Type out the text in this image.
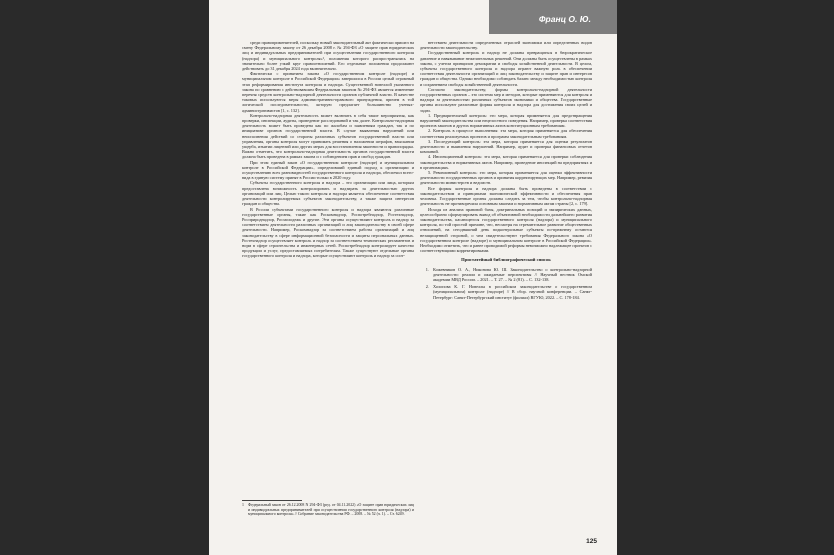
Франц О. Ю.

среди правоприменителей, поскольку новый законодательный акт фактически пришел на смену Федеральному закону от 26 декабря 2008 г. № 294-ФЗ «О защите прав юридических лиц и индивидуальных предпринимателей при осуществлении государственного контроля (надзора) и муниципального контроля»¹, положения которого распространялись на значительно более узкий круг правоотношений. Его отдельные положения продолжают действовать до 31 декабря 2024 года включительно.

Фактически с принятием закона «О государственном контроле (надзоре) и муниципальном контроле в Российской Федерации» завершился в России целый огромный этап реформирования института контроля и надзора. Существенной новеллой указанного закона по сравнению с действовавшим Федеральным законом № 294-ФЗ является изменение перечня средств контрольно-надзорной деятельности органов публичной власти. В качестве таковых используются меры административно-правового принуждения, причем в той логической последовательности, которую предлагает большинство ученых-административистов [1, с. 132].

Контрольно-надзорная деятельность может включать в себя такие мероприятия, как проверки, инспекции, аудиты, проведение расследований и так далее. Контрольно-надзорная деятельность может быть проведена как по жалобам и заявлениям граждан, так и по инициативе органов государственной власти. В случае выявления нарушений или неисполнения действий со стороны различных субъектов государственной власти или управления, органы контроля могут принимать решения о наложении штрафов, взыскании ущерба, изъятии лицензий или других мерах для восстановления законности и правопорядка. Важно отметить, что контрольно-надзорная деятельность органов государственной власти должна быть проведена в рамках закона и с соблюдением прав и свобод граждан.

При этом единый закон «О государственном контроле (надзоре) и муниципальном контроле в Российской Федерации», определивший единый подход к организации и осуществлению всех разновидностей государственного контроля и надзора, обеспечил всего-вида в единую систему принят в России только в 2020 году.

Субъекты государственного контроля и надзора – это организации или лица, которым предоставлена возможность контролировать и надзирать за деятельностью других организаций или лиц. Целью такого контроля и надзора является обеспечение соответствия деятельности контролируемых субъектов законодательству, а также защита интересов граждан и общества.

В России субъектами государственного контроля и надзора являются различные государственные органы, такие как Роскомнадзор, Роспотребнадзор, Ростехнадзор, Росприроднадзор, Росмолодежь и другие. Эти органы осуществляют контроль и надзор за соответствием деятельности различных организаций и лиц законодательству в своей сфере деятельности. Например, Роскомнадзор за соответствием работы организаций и лиц законодательству в сфере информационной безопасности и защиты персональных данных. Ростехнадзор осуществляет контроль и надзор за соответствием технических регламентов и норм в сфере строительства и инженерных сетей. Роспотребнадзор контролирует качество продукции и услуг, предоставляемых потребителям. Также существуют отдельные органы государственного контроля и надзора, которые осуществляют контроль и надзор за соот-

ветствием деятельности определенных отраслей экономики или определенных видов деятельности законодательству.

Государственный контроль и надзор не должны превращаться в бюрократическое давление и навязывание нежелательных решений. Они должны быть осуществлены в рамках закона, с учетом принципов демократии и свободы хозяйственной деятельности. В целом, субъекты государственного контроля и надзора играют важную роль в обеспечении соответствия деятельности организаций и лиц законодательству и защите прав и интересов граждан и общества. Однако необходимо соблюдать баланс между необходимостью контроля и сохранением свободы хозяйственной деятельности.

Согласно законодательству, формы контрольно-надзорной деятельности государственных органов – это система мер и методов, которые применяются для контроля и надзора за деятельностью различных субъектов экономики и общества. Государственные органы используют различные формы контроля и надзора для достижения своих целей и задач.

1. Предварительный контроль: это мера, которая применяется для предотвращения нарушений законодательства или нецелостного поведения. Например, проверка соответствия проектов законов и других нормативных актов конституционным требованиям.

2. Контроль в процессе выполнения: эта мера, которая применяется для обеспечения соответствия реализуемых проектов и программ законодательным требованиям.

3. Последующий контроль: эта мера, которая применяется для оценки результатов деятельности и выявления нарушений. Например, аудит и проверка финансовых отчетов компаний.

4. Инспекционный контроль: эта мера, которая применяется для проверки соблюдения законодательства и нормативных актов. Например, проведение инспекций на предприятиях и в организациях.

5. Ревизионный контроль: это мера, которая применяется для оценки эффективности деятельности государственных органов и принятия корректирующих мер. Например, ревизия деятельности министерств и ведомств.

Все формы контроля и надзора должны быть проведены в соответствии с законодательством и принципами экономической эффективности и обеспечения прав человека. Государственные органы должны следить за тем, чтобы контрольно-надзорная деятельность не противоречила основным законам и нормативным актам страны [2, с. 179].

Исходя из анализа правовой базы, доктринальных позиций и эмпирических данных, целесообразно сформулировать вывод об объективной необходимости дальнейшего развития законодательства, касающегося государственного контроля (надзора) и муниципального контроля, по той простой причине, что, несмотря на стремительное развитие общественных отношений, на сегодняшний день подконтрольные субъекты по-прежнему остаются незащищенной стороной, о чем свидетельствуют требования Федерального закона «О государственном контроле (надзоре) и муниципальном контроле в Российской Федерации». Необходимо отметить, что и ранее проводимой реформы невозможно надлежащее проектов с соответствующими корректировками.

Пристатейный библиографический список

1. Кожевников О. А., Никонова Ю. Ш. Законодательство о контрольно-надзорной деятельности: реалии и ожидаемые перспективы // Научный вестник Омской академии МВД России. – 2021. – Т. 27. – № 2 (81). – С. 132-138.
2. Холопова К. Г. Новеллы в российском законодательстве о государственном (муниципальном) контроле (надзоре) // В сбор. научной конференции. – Санкт-Петербург: Санкт-Петербургский институт (филиал) ВГУЮ, 2022. – С. 178-184.
1	Федеральный закон от 26.12.2008 N 294-ФЗ (ред. от 04.11.2022) «О защите прав юридических лиц и индивидуальных предпринимателей при осуществлении государственного контроля (надзора) и муниципального контроля» // Собрание законодательства РФ. – 2008. – № 52 (ч. 1). – Ст. 6249.
125
